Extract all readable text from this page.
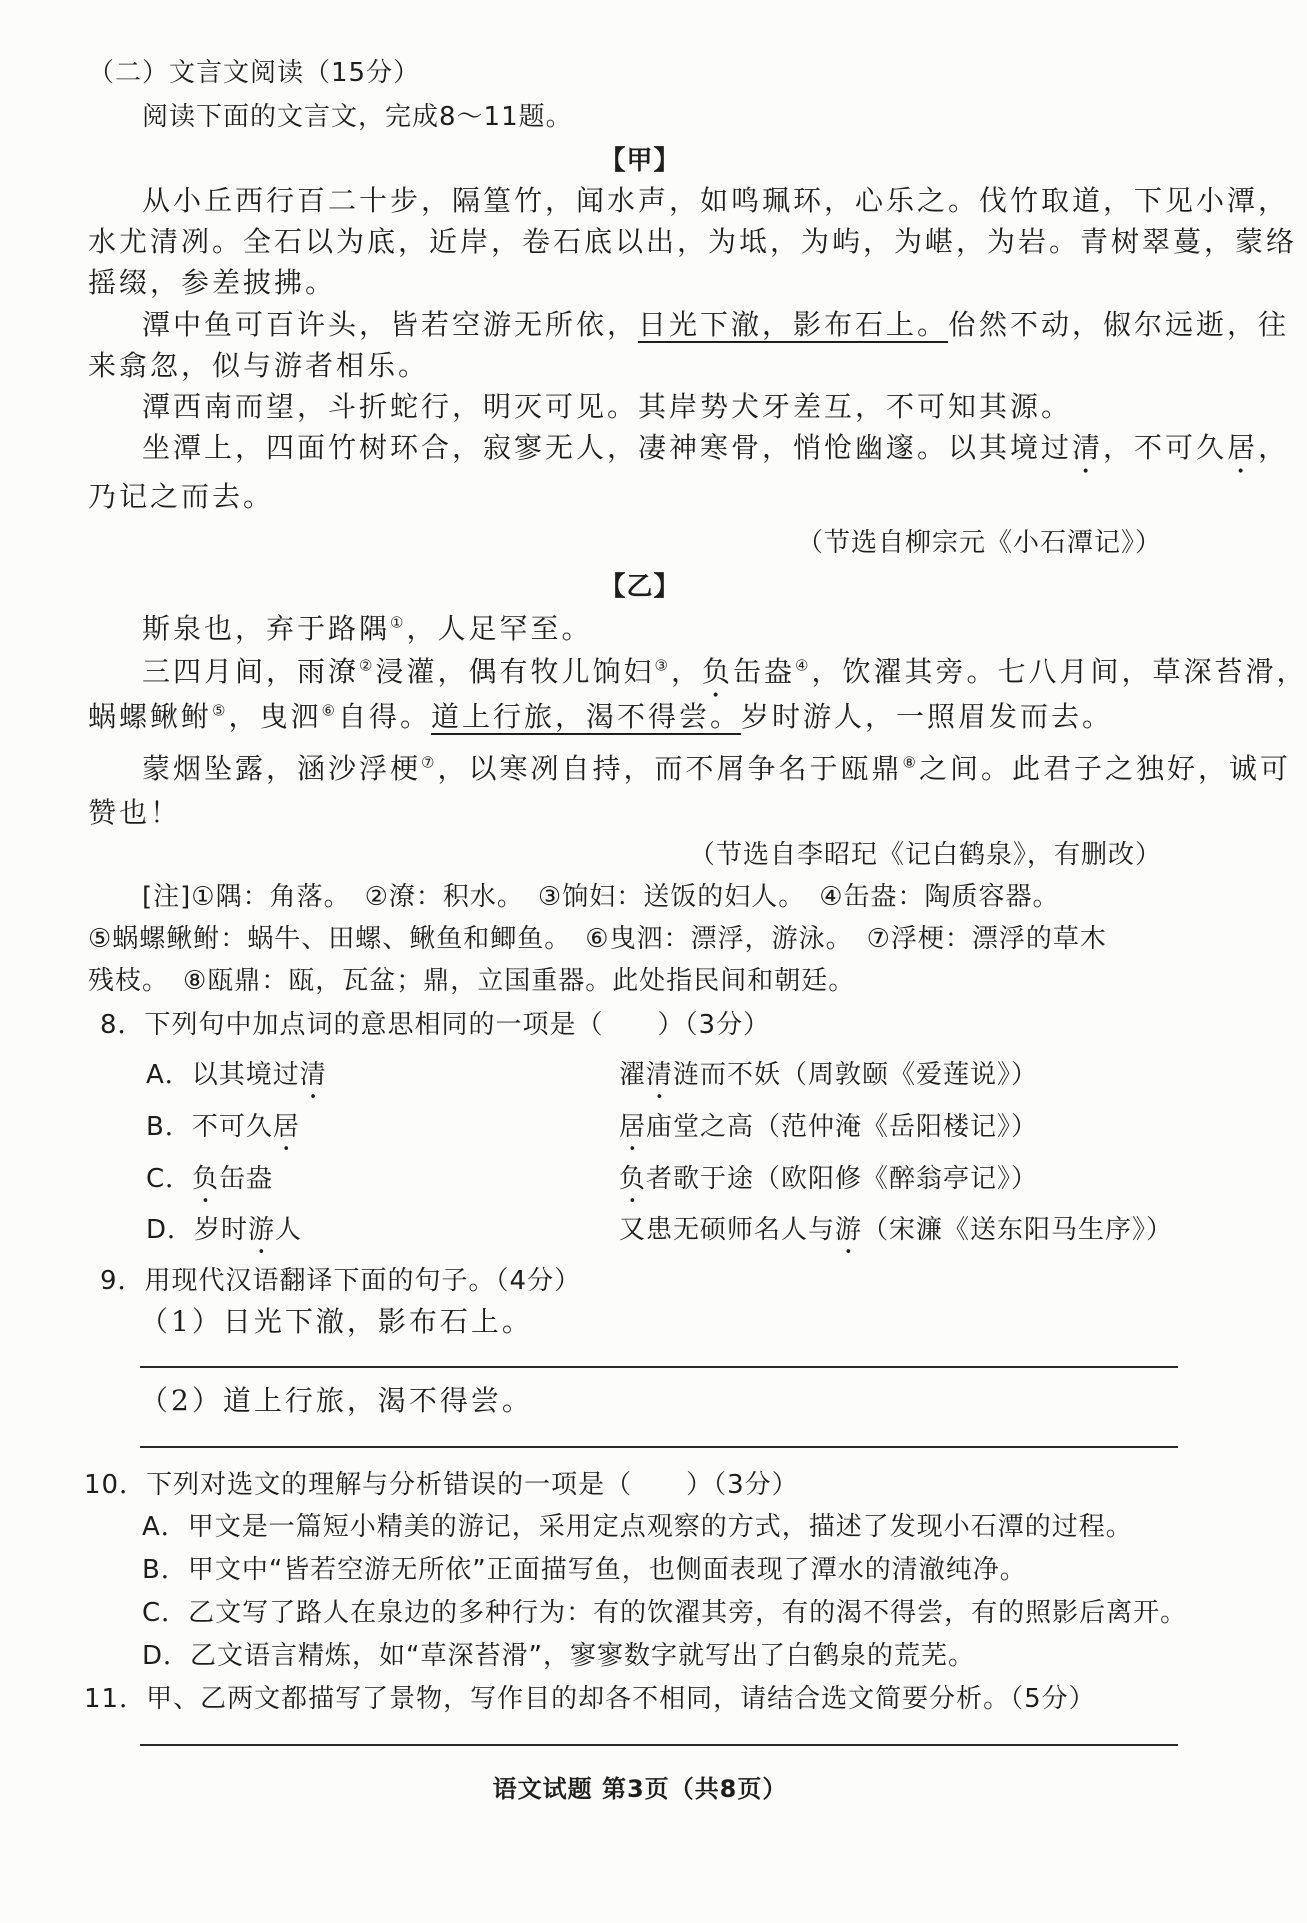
（二）文言文阅读（15分）
阅读下面的文言文，完成8～11题。
【甲】
从小丘西行百二十步，隔篁竹，闻水声，如鸣珮环，心乐之。伐竹取道，下见小潭，
水尤清冽。全石以为底，近岸，卷石底以出，为坻，为屿，为嵁，为岩。青树翠蔓，蒙络
摇缀，参差披拂。
潭中鱼可百许头，皆若空游无所依，日光下澈，影布石上。佁然不动，俶尔远逝，往
来翕忽，似与游者相乐。
潭西南而望，斗折蛇行，明灭可见。其岸势犬牙差互，不可知其源。
坐潭上，四面竹树环合，寂寥无人，凄神寒骨，悄怆幽邃。以其境过清，不可久居，
乃记之而去。
（节选自柳宗元《小石潭记》）
【乙】
斯泉也，弃于路隅①，人足罕至。
三四月间，雨潦②浸灌，偶有牧儿饷妇③，负缶盎④，饮濯其旁。七八月间，草深苔滑，
蜗螺鳅鲋⑤，曳泗⑥自得。道上行旅，渴不得尝。岁时游人，一照眉发而去。
蒙烟坠露，涵沙浮梗⑦，以寒冽自持，而不屑争名于瓯鼎⑧之间。此君子之独好，诚可
赞也！
（节选自李昭玘《记白鹤泉》，有删改）
[注]①隅：角落。　②潦：积水。　③饷妇：送饭的妇人。　④缶盎：陶质容器。
⑤蜗螺鳅鲋：蜗牛、田螺、鳅鱼和鲫鱼。　⑥曳泗：漂浮，游泳。　⑦浮梗：漂浮的草木
残枝。　⑧瓯鼎：瓯，瓦盆；鼎，立国重器。此处指民间和朝廷。
8．下列句中加点词的意思相同的一项是（　　）（3分）
A．以其境过清	濯清涟而不妖（周敦颐《爱莲说》）
B．不可久居	居庙堂之高（范仲淹《岳阳楼记》）
C．负缶盎	负者歌于途（欧阳修《醉翁亭记》）
D．岁时游人	又患无硕师名人与游（宋濂《送东阳马生序》）
9．用现代汉语翻译下面的句子。（4分）
（1）日光下澈，影布石上。
（2）道上行旅，渴不得尝。
10．下列对选文的理解与分析错误的一项是（　　）（3分）
A．甲文是一篇短小精美的游记，采用定点观察的方式，描述了发现小石潭的过程。
B．甲文中“皆若空游无所依”正面描写鱼，也侧面表现了潭水的清澈纯净。
C．乙文写了路人在泉边的多种行为：有的饮濯其旁，有的渴不得尝，有的照影后离开。
D．乙文语言精炼，如“草深苔滑”，寥寥数字就写出了白鹤泉的荒芜。
11．甲、乙两文都描写了景物，写作目的却各不相同，请结合选文简要分析。（5分）
语文试题 第3页（共8页）
